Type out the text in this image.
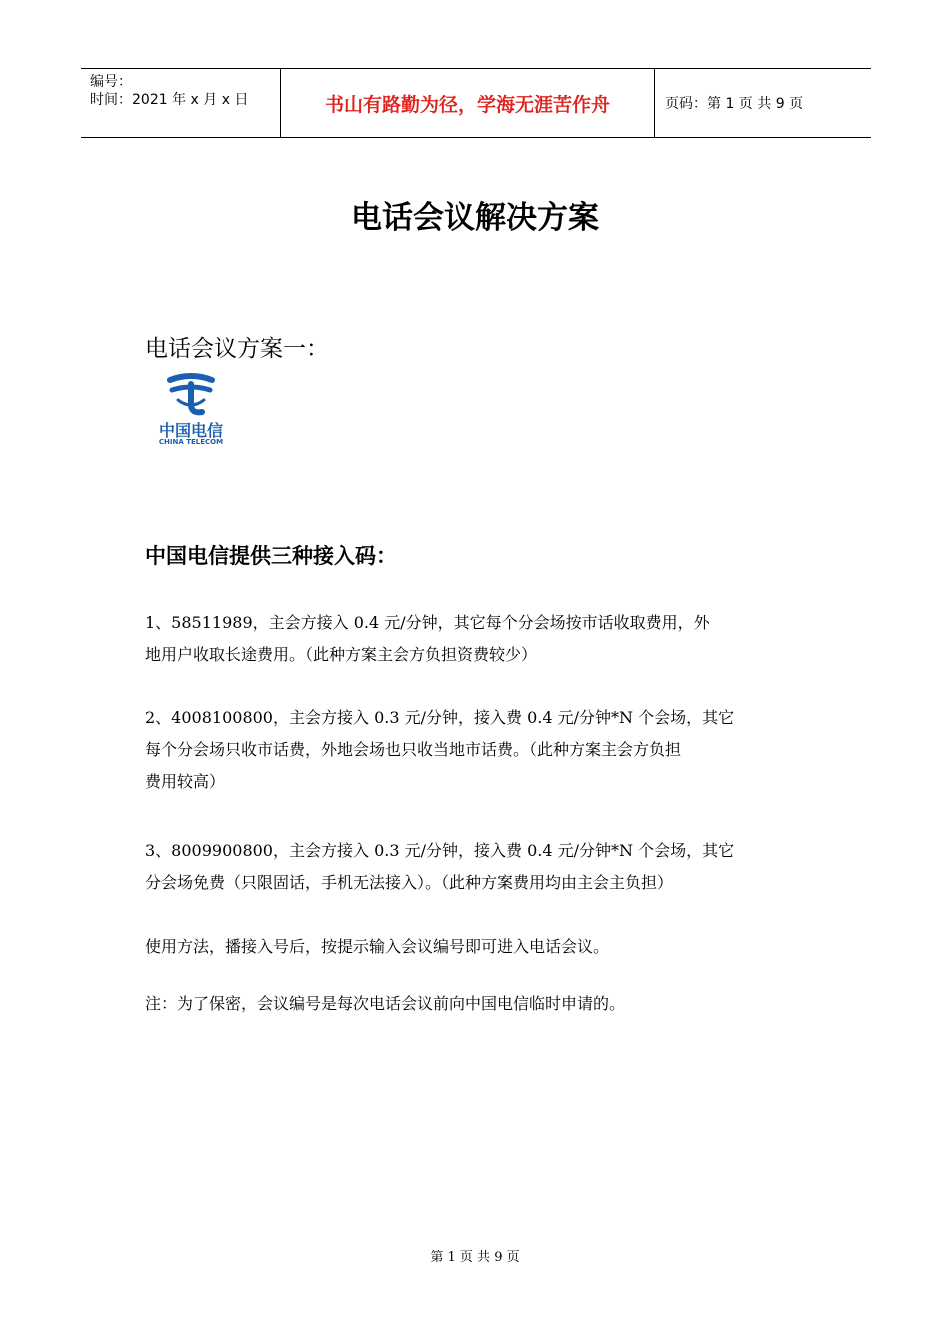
编号：
时间：2021 年 x 月 x 日	书山有路勤为径，学海无涯苦作舟	页码：第 1 页 共 9 页
电话会议解决方案
电话会议方案一：
中国电信
CHINA TELECOM
中国电信提供三种接入码：
1、58511989，主会方接入 0.4 元/分钟，其它每个分会场按市话收取费用，外
地用户收取长途费用。（此种方案主会方负担资费较少）
2、4008100800，主会方接入 0.3 元/分钟，接入费 0.4 元/分钟*N 个会场，其它
每个分会场只收市话费，外地会场也只收当地市话费。（此种方案主会方负担
费用较高）
3、8009900800，主会方接入 0.3 元/分钟，接入费 0.4 元/分钟*N 个会场，其它
分会场免费（只限固话，手机无法接入）。（此种方案费用均由主会主负担）
使用方法，播接入号后，按提示输入会议编号即可进入电话会议。
注：为了保密，会议编号是每次电话会议前向中国电信临时申请的。
第 1 页 共 9 页
